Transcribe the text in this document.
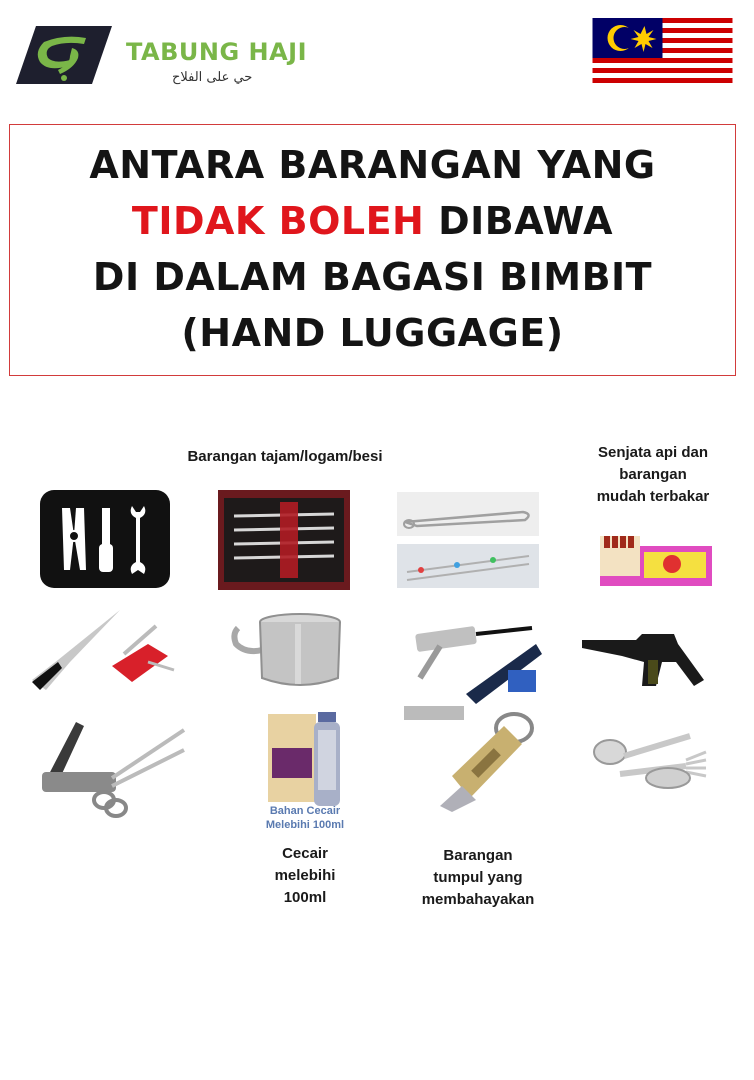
TABUNG HAJI
حي على الفلاح
ANTARA BARANGAN YANG
TIDAK BOLEH DIBAWA
DI DALAM BAGASI BIMBIT
(HAND LUGGAGE)
Barangan tajam/logam/besi	Senjata api dan
barangan
mudah terbakar
Cecair
melebihi
100ml
Barangan
tumpul yang
membahayakan
Bahan Cecair
Melebihi 100ml
